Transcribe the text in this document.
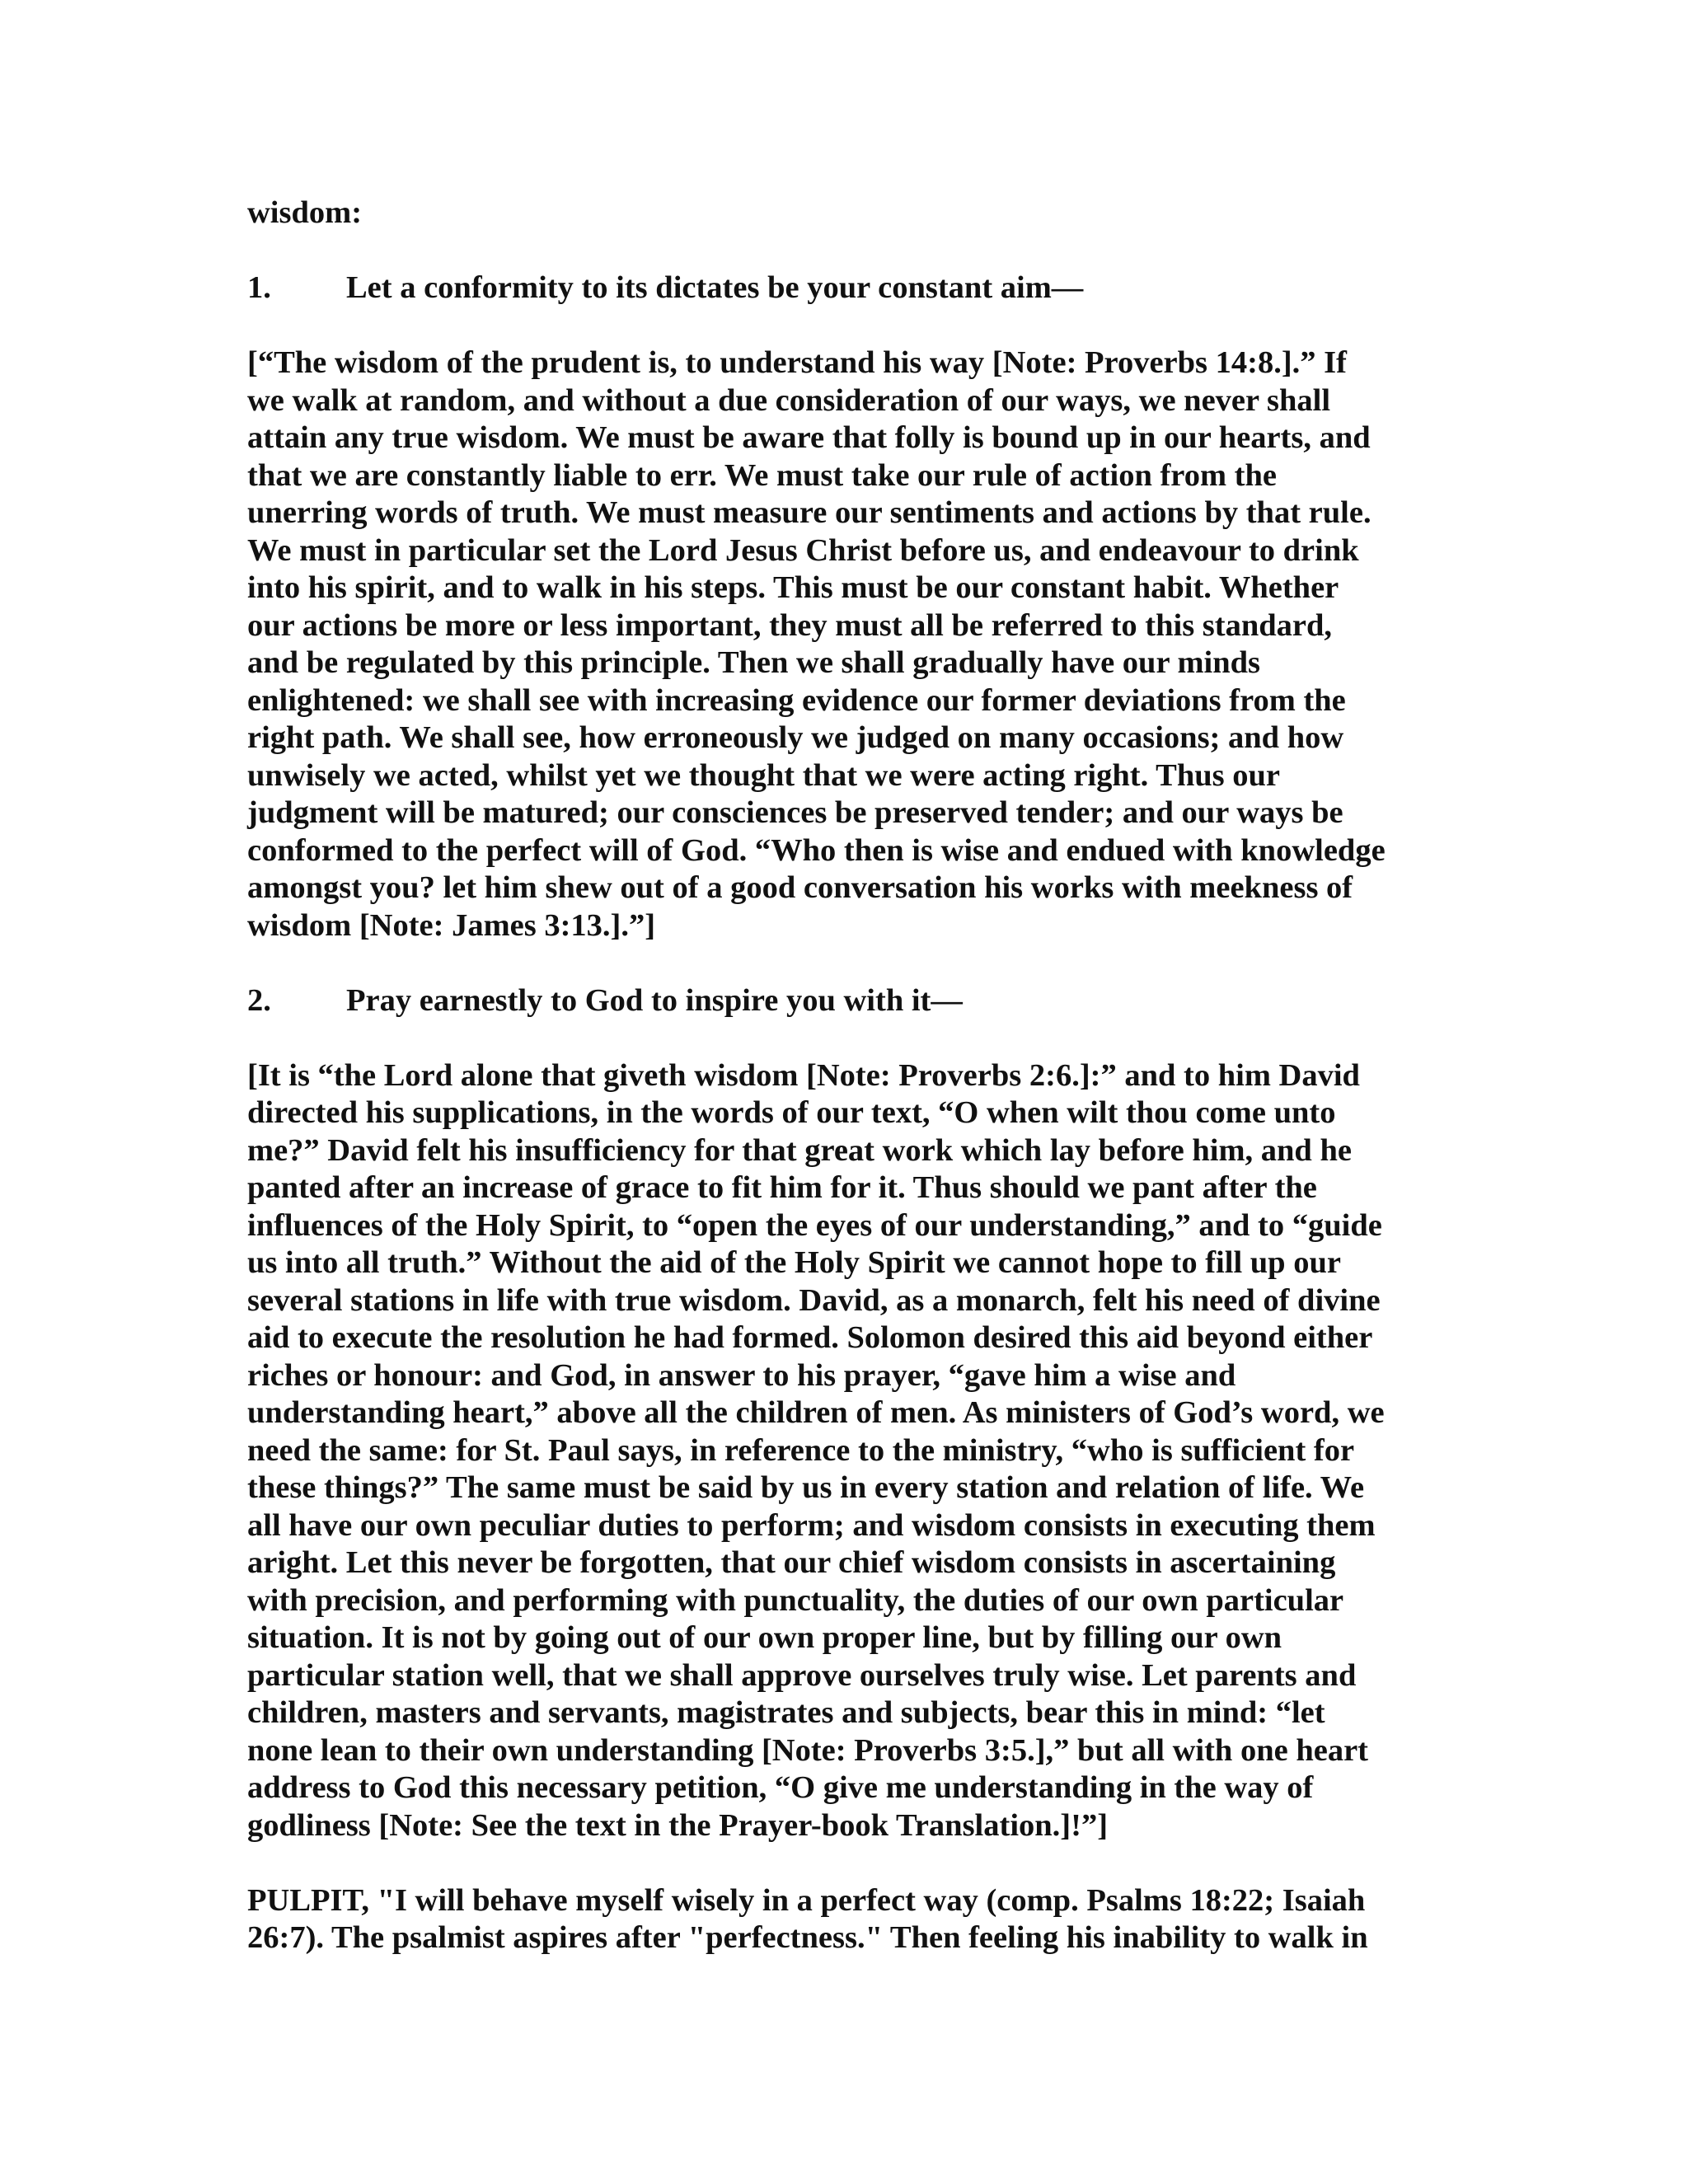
wisdom:
1.	Let a conformity to its dictates be your constant aim—
[“The wisdom of the prudent is, to understand his way [Note: Proverbs 14:8.].” If
we walk at random, and without a due consideration of our ways, we never shall
attain any true wisdom. We must be aware that folly is bound up in our hearts, and
that we are constantly liable to err. We must take our rule of action from the
unerring words of truth. We must measure our sentiments and actions by that rule.
We must in particular set the Lord Jesus Christ before us, and endeavour to drink
into his spirit, and to walk in his steps. This must be our constant habit. Whether
our actions be more or less important, they must all be referred to this standard,
and be regulated by this principle. Then we shall gradually have our minds
enlightened: we shall see with increasing evidence our former deviations from the
right path. We shall see, how erroneously we judged on many occasions; and how
unwisely we acted, whilst yet we thought that we were acting right. Thus our
judgment will be matured; our consciences be preserved tender; and our ways be
conformed to the perfect will of God. “Who then is wise and endued with knowledge
amongst you? let him shew out of a good conversation his works with meekness of
wisdom [Note: James 3:13.].”]
2.	Pray earnestly to God to inspire you with it—
[It is “the Lord alone that giveth wisdom [Note: Proverbs 2:6.]:” and to him David
directed his supplications, in the words of our text, “O when wilt thou come unto
me?” David felt his insufficiency for that great work which lay before him, and he
panted after an increase of grace to fit him for it. Thus should we pant after the
influences of the Holy Spirit, to “open the eyes of our understanding,” and to “guide
us into all truth.” Without the aid of the Holy Spirit we cannot hope to fill up our
several stations in life with true wisdom. David, as a monarch, felt his need of divine
aid to execute the resolution he had formed. Solomon desired this aid beyond either
riches or honour: and God, in answer to his prayer, “gave him a wise and
understanding heart,” above all the children of men. As ministers of God’s word, we
need the same: for St. Paul says, in reference to the ministry, “who is sufficient for
these things?” The same must be said by us in every station and relation of life. We
all have our own peculiar duties to perform; and wisdom consists in executing them
aright. Let this never be forgotten, that our chief wisdom consists in ascertaining
with precision, and performing with punctuality, the duties of our own particular
situation. It is not by going out of our own proper line, but by filling our own
particular station well, that we shall approve ourselves truly wise. Let parents and
children, masters and servants, magistrates and subjects, bear this in mind: “let
none lean to their own understanding [Note: Proverbs 3:5.],” but all with one heart
address to God this necessary petition, “O give me understanding in the way of
godliness [Note: See the text in the Prayer-book Translation.]!”]
PULPIT, "I will behave myself wisely in a perfect way (comp. Psalms 18:22; Isaiah
26:7). The psalmist aspires after "perfectness." Then feeling his inability to walk in
